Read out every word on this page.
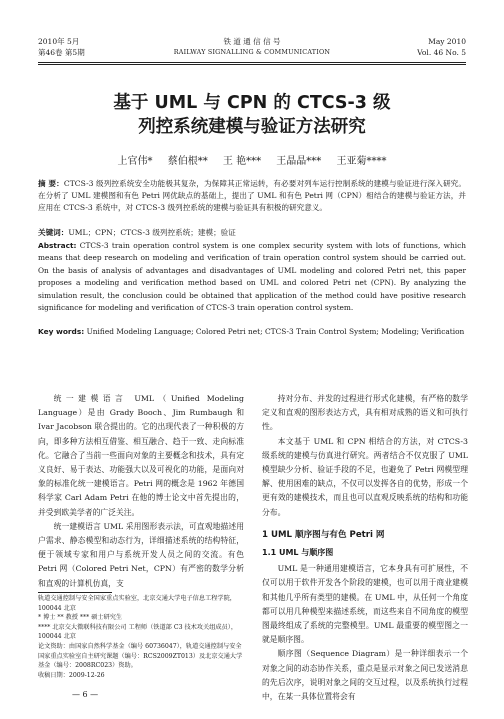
2010年 5月
第46卷 第5期
铁 道 通 信 信 号
RAILWAY SIGNALLING & COMMUNICATION
May 2010
Vol. 46 No. 5
基于 UML 与 CPN 的 CTCS-3 级
列控系统建模与验证方法研究
上官伟* 蔡伯根** 王 艳*** 王晶晶*** 王亚菊****
摘 要：CTCS-3 级列控系统安全功能极其复杂，为保障其正常运转，有必要对列车运行控制系统的建模与验证进行深入研究。在分析了 UML 建模图和有色 Petri 网优缺点的基础上，提出了 UML 和有色 Petri 网（CPN）相结合的建模与验证方法，并应用在 CTCS-3 系统中，对 CTCS-3 级列控系统的建模与验证具有积极的研究意义。
关键词：UML；CPN；CTCS-3 级列控系统；建模；验证
Abstract: CTCS-3 train operation control system is one complex security system with lots of functions, which means that deep research on modeling and verification of train operation control system should be carried out. On the basis of analysis of advantages and disadvantages of UML modeling and colored Petri net, this paper proposes a modeling and verification method based on UML and colored Petri net (CPN). By analyzing the simulation result, the conclusion could be obtained that application of the method could have positive research significance for modeling and verification of CTCS-3 train operation control system.
Key words: Unified Modeling Language; Colored Petri net; CTCS-3 Train Control System; Modeling; Verification

统一建模语言 UML（Unified Modeling Language）是由 Grady Booch、Jim Rumbaugh 和 Ivar Jacobson 联合提出的。它的出现代表了一种积极的方向，即多种方法相互借鉴、相互融合、趋于一致、走向标准化。它融合了当前一些面向对象的主要概念和技术，具有定义良好、易于表达、功能强大以及可视化的功能，是面向对象的标准化统一建模语言。Petri 网的概念是 1962 年德国科学家 Carl Adam Petri 在他的博士论文中首先提出的，并受到欧美学者的广泛关注。

统一建模语言 UML 采用图形表示法，可直观地描述用户需求、静态模型和动态行为，详细描述系统的结构特征，便于领域专家和用户与系统开发人员之间的交流。有色 Petri 网（Colored Petri Net，CPN）有严密的数学分析和直观的计算机仿真，支

持对分布、并发的过程进行形式化建模，有严格的数学定义和直观的图形表达方式，具有相对成熟的语义和可执行性。

本文基于 UML 和 CPN 相结合的方法，对 CTCS-3 级系统的建模与仿真进行研究。两者结合不仅克服了 UML 模型缺少分析、验证手段的不足，也避免了 Petri 网模型理解、使用困难的缺点，不仅可以发挥各自的优势，形成一个更有效的建模技术，而且也可以直观反映系统的结构和功能分布。

1 UML 顺序图与有色 Petri 网
1.1 UML 与顺序图

UML 是一种通用建模语言，它本身具有可扩展性，不仅可以用于软件开发各个阶段的建模，也可以用于商业建模和其他几乎所有类型的建模。在 UML 中，从任何一个角度都可以用几种模型来描述系统，而这些来自不同角度的模型图最终组成了系统的完整模型。UML 最重要的模型图之一就是顺序图。

顺序图（Sequence Diagram）是一种详细表示一个对象之间的动态协作关系，重点是显示对象之间已发送消息的先后次序，说明对象之间的交互过程，以及系统执行过程中，在某一具体位置将会有

轨道交通控制与安全国家重点实验室，北京交通大学电子信息工程学院，100044 北京
* 博士 ** 教授 *** 硕士研究生
**** 北京交大微联科技有限公司 工程师（铁道部 C3 技术攻关组成员），100044 北京
论文资助：由国家自然科学基金（编号 60736047），轨道交通控制与安全国家重点实验室自主研究课题（编号：RCS2009ZT013）及北京交通大学基金（编号：2008RC023）资助。
收稿日期：2009-12-26
— 6 —
